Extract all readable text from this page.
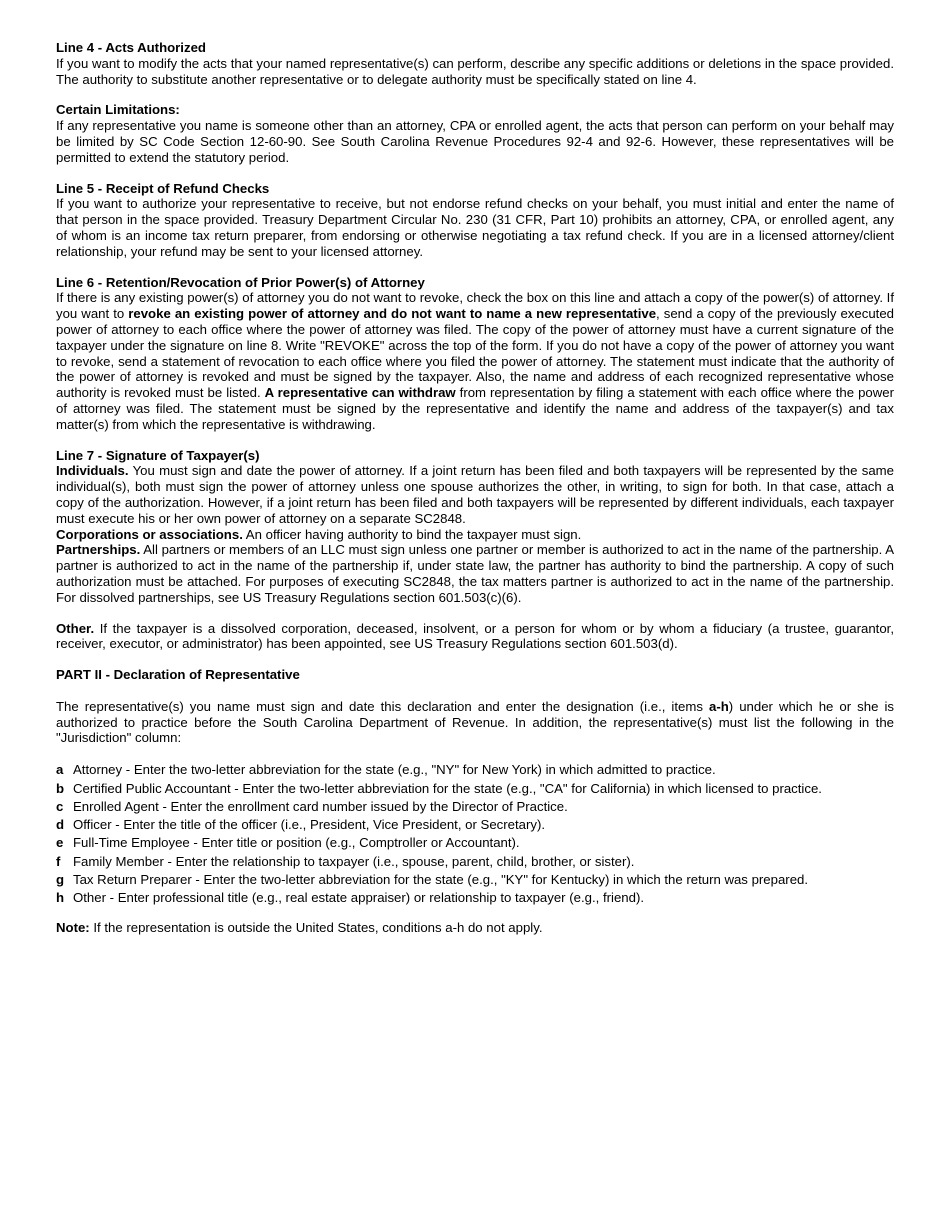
Line 4 - Acts Authorized

If you want to modify the acts that your named representative(s) can perform, describe any specific additions or deletions in the space provided. The authority to substitute another representative or to delegate authority must be specifically stated on line 4.

Certain Limitations:

If any representative you name is someone other than an attorney, CPA or enrolled agent, the acts that person can perform on your behalf may be limited by SC Code Section 12-60-90. See South Carolina Revenue Procedures 92-4 and 92-6. However, these representatives will be permitted to extend the statutory period.

Line 5 - Receipt of Refund Checks

If you want to authorize your representative to receive, but not endorse refund checks on your behalf, you must initial and enter the name of that person in the space provided. Treasury Department Circular No. 230 (31 CFR, Part 10) prohibits an attorney, CPA, or enrolled agent, any of whom is an income tax return preparer, from endorsing or otherwise negotiating a tax refund check. If you are in a licensed attorney/client relationship, your refund may be sent to your licensed attorney.

Line 6 - Retention/Revocation of Prior Power(s) of Attorney

If there is any existing power(s) of attorney you do not want to revoke, check the box on this line and attach a copy of the power(s) of attorney. If you want to revoke an existing power of attorney and do not want to name a new representative, send a copy of the previously executed power of attorney to each office where the power of attorney was filed. The copy of the power of attorney must have a current signature of the taxpayer under the signature on line 8. Write "REVOKE" across the top of the form. If you do not have a copy of the power of attorney you want to revoke, send a statement of revocation to each office where you filed the power of attorney. The statement must indicate that the authority of the power of attorney is revoked and must be signed by the taxpayer. Also, the name and address of each recognized representative whose authority is revoked must be listed. A representative can withdraw from representation by filing a statement with each office where the power of attorney was filed. The statement must be signed by the representative and identify the name and address of the taxpayer(s) and tax matter(s) from which the representative is withdrawing.

Line 7 - Signature of Taxpayer(s)

Individuals. You must sign and date the power of attorney. If a joint return has been filed and both taxpayers will be represented by the same individual(s), both must sign the power of attorney unless one spouse authorizes the other, in writing, to sign for both. In that case, attach a copy of the authorization. However, if a joint return has been filed and both taxpayers will be represented by different individuals, each taxpayer must execute his or her own power of attorney on a separate SC2848.

Corporations or associations. An officer having authority to bind the taxpayer must sign.

Partnerships. All partners or members of an LLC must sign unless one partner or member is authorized to act in the name of the partnership. A partner is authorized to act in the name of the partnership if, under state law, the partner has authority to bind the partnership. A copy of such authorization must be attached. For purposes of executing SC2848, the tax matters partner is authorized to act in the name of the partnership. For dissolved partnerships, see US Treasury Regulations section 601.503(c)(6).

Other. If the taxpayer is a dissolved corporation, deceased, insolvent, or a person for whom or by whom a fiduciary (a trustee, guarantor, receiver, executor, or administrator) has been appointed, see US Treasury Regulations section 601.503(d).

PART II - Declaration of Representative

The representative(s) you name must sign and date this declaration and enter the designation (i.e., items a-h) under which he or she is authorized to practice before the South Carolina Department of Revenue. In addition, the representative(s) must list the following in the "Jurisdiction" column:

a Attorney - Enter the two-letter abbreviation for the state (e.g., "NY" for New York) in which admitted to practice.
b Certified Public Accountant - Enter the two-letter abbreviation for the state (e.g., "CA" for California) in which licensed to practice.
c Enrolled Agent - Enter the enrollment card number issued by the Director of Practice.
d Officer - Enter the title of the officer (i.e., President, Vice President, or Secretary).
e Full-Time Employee - Enter title or position (e.g., Comptroller or Accountant).
f Family Member - Enter the relationship to taxpayer (i.e., spouse, parent, child, brother, or sister).
g Tax Return Preparer - Enter the two-letter abbreviation for the state (e.g., "KY" for Kentucky) in which the return was prepared.
h Other - Enter professional title (e.g., real estate appraiser) or relationship to taxpayer (e.g., friend).

Note: If the representation is outside the United States, conditions a-h do not apply.
